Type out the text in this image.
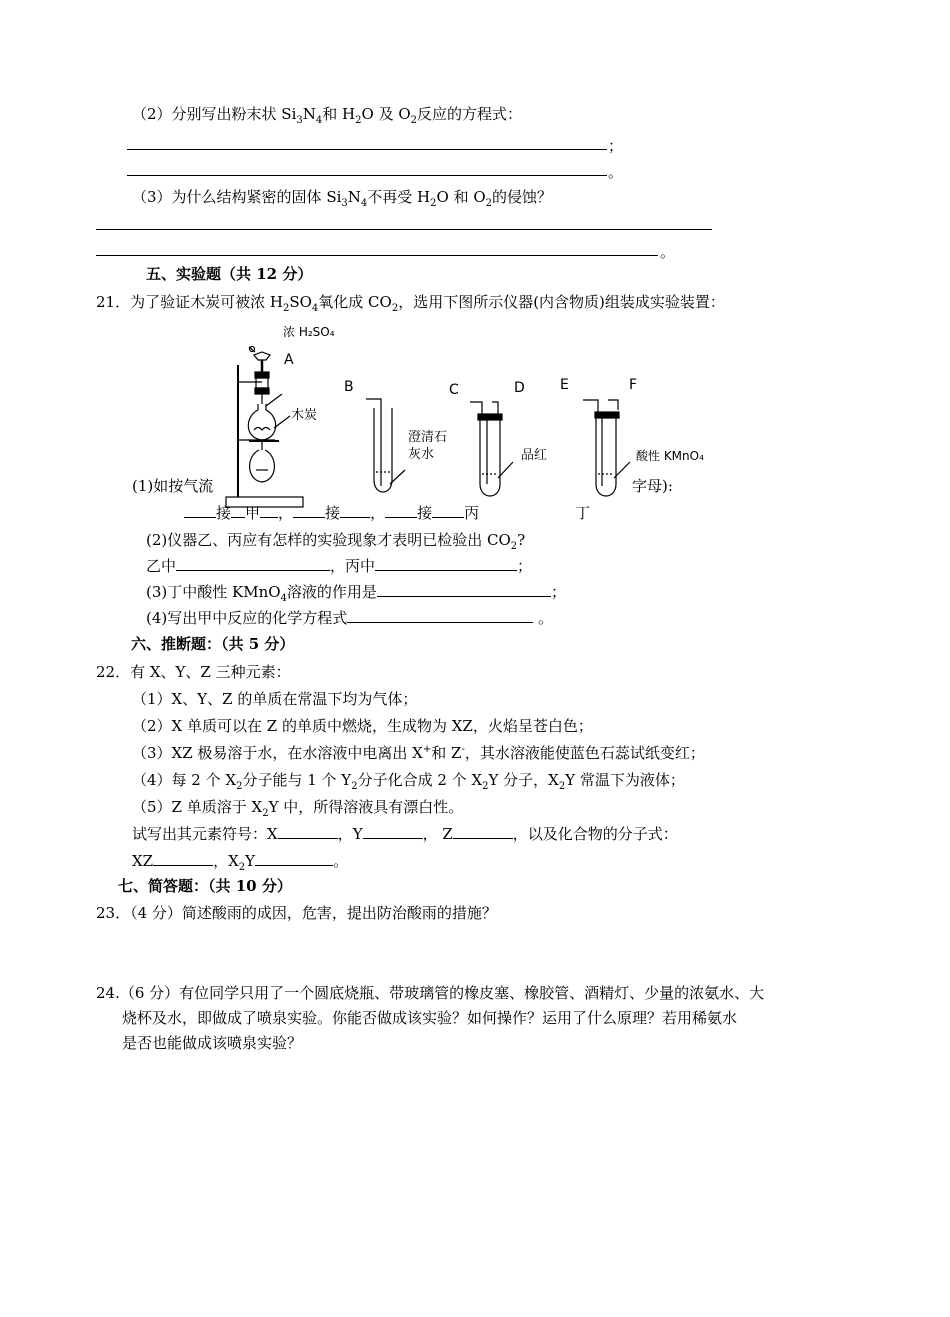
（2）分别写出粉末状 $Si_3N_4$和 $H_2O$ 及 $O_2$反应的方程式：
；
。
（3）为什么结构紧密的固体 $Si_3N_4$不再受 $H_2O$ 和 $O_2$的侵蚀？
。
五、实验题（共 12 分）
21．为了验证木炭可被浓 $H_2SO_4$氧化成 $CO_2$，选用下图所示仪器(内含物质)组装成实验装置：
浓 H₂SO₄
A
B	C	D	E	F
木炭
澄清石
灰水	品红	酸性 KMnO₄
(1)如按气流	字母):
接 甲 ， 接 ， 接 丙	丁
(2)仪器乙、丙应有怎样的实验现象才表明已检验出 $CO_2$?
乙中	，丙中	；
(3)丁中酸性 KMnO$_4$溶液的作用是	；
(4)写出甲中反应的化学方程式	。
六、推断题：（共 5 分）
22．有 X、Y、Z 三种元素：
（1）X、Y、Z 的单质在常温下均为气体；
（2）X 单质可以在 Z 的单质中燃烧，生成物为 XZ，火焰呈苍白色；
（3）XZ 极易溶于水，在水溶液中电离出 X+和 Z-，其水溶液能使蓝色石蕊试纸变红；
（4）每 2 个 $X_2$分子能与 1 个 $Y_2$分子化合成 2 个 $X_2Y$ 分子，$X_2Y$ 常温下为液体；
（5）Z 单质溶于 $X_2Y$ 中，所得溶液具有漂白性。
试写出其元素符号：X	，Y	， Z	，以及化合物的分子式：
XZ	，$X_2Y$	。
七、简答题：（共 10 分）
23．（4 分）简述酸雨的成因，危害，提出防治酸雨的措施？
24.（6 分）有位同学只用了一个圆底烧瓶、带玻璃管的橡皮塞、橡胶管、酒精灯、少量的浓氨水、大
烧杯及水，即做成了喷泉实验。你能否做成该实验？如何操作？运用了什么原理？若用稀氨水
是否也能做成该喷泉实验？
